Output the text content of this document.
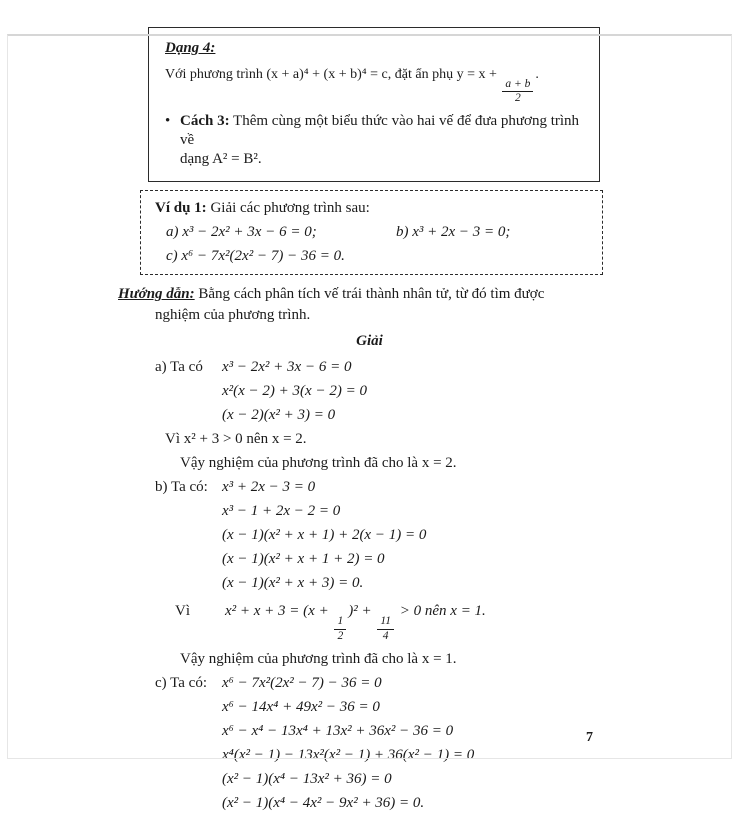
Dạng 4:
Với phương trình (x + a)⁴ + (x + b)⁴ = c, đặt ẩn phụ y = x +
$\frac{a + b}{2}$
.
• Cách 3: Thêm cùng một biểu thức vào hai vế để đưa phương trình về
dạng A² = B².
Ví dụ 1: Giải các phương trình sau:
a) x³ − 2x² + 3x − 6 = 0;	b) x³ + 2x − 3 = 0;
c) x⁶ − 7x²(2x² − 7) − 36 = 0.
Hướng dẫn: Bằng cách phân tích vế trái thành nhân tử, từ đó tìm được
nghiệm của phương trình.
Giải
a) Ta có	x³ − 2x² + 3x − 6 = 0
x²(x − 2) + 3(x − 2) = 0
(x − 2)(x² + 3) = 0
Vì x² + 3 > 0 nên x = 2.
Vậy nghiệm của phương trình đã cho là x = 2.
b) Ta có: x³ + 2x − 3 = 0
x³ − 1 + 2x − 2 = 0
(x − 1)(x² + x + 1) + 2(x − 1) = 0
(x − 1)(x² + x + 1 + 2) = 0
(x − 1)(x² + x + 3) = 0.
Vì	x² + x + 3 = (x +
$\frac{1}{2}$
)² +
$\frac{11}{4}$
> 0 nên x = 1.
Vậy nghiệm của phương trình đã cho là x = 1.
c) Ta có:	x⁶ − 7x²(2x² − 7) − 36 = 0
x⁶ − 14x⁴ + 49x² − 36 = 0
x⁶ − x⁴ − 13x⁴ + 13x² + 36x² − 36 = 0
x⁴(x² − 1) − 13x²(x² − 1) + 36(x² − 1) = 0
(x² − 1)(x⁴ − 13x² + 36) = 0
(x² − 1)(x⁴ − 4x² − 9x² + 36) = 0.
7
